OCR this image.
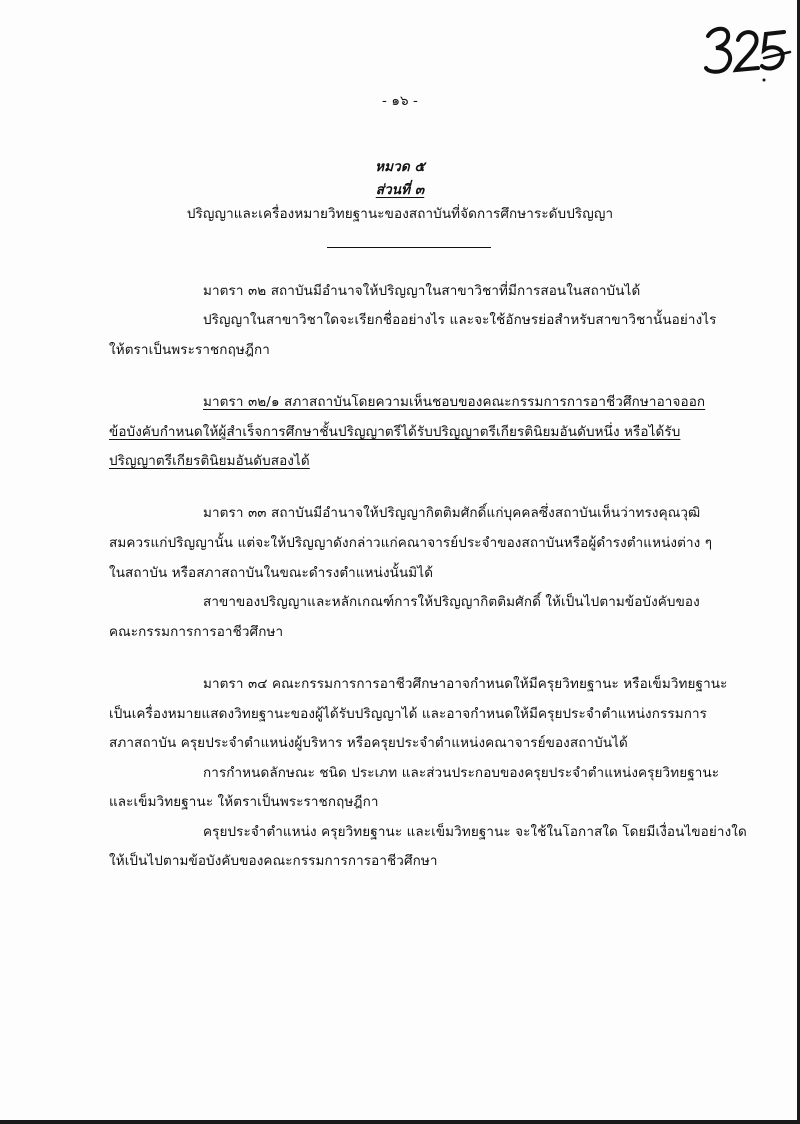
- ๑๖ -
หมวด ๕
ส่วนที่ ๓
ปริญญาและเครื่องหมายวิทยฐานะของสถาบันที่จัดการศึกษาระดับปริญญา
มาตรา ๓๒ สถาบันมีอำนาจให้ปริญญาในสาขาวิชาที่มีการสอนในสถาบันได้
ปริญญาในสาขาวิชาใดจะเรียกชื่ออย่างไร และจะใช้อักษรย่อสำหรับสาขาวิชานั้นอย่างไร
ให้ตราเป็นพระราชกฤษฎีกา
มาตรา ๓๒/๑ สภาสถาบันโดยความเห็นชอบของคณะกรรมการการอาชีวศึกษาอาจออก
ข้อบังคับกำหนดให้ผู้สำเร็จการศึกษาชั้นปริญญาตรีได้รับปริญญาตรีเกียรตินิยมอันดับหนึ่ง หรือได้รับ
ปริญญาตรีเกียรตินิยมอันดับสองได้
มาตรา ๓๓ สถาบันมีอำนาจให้ปริญญากิตติมศักดิ์แก่บุคคลซึ่งสถาบันเห็นว่าทรงคุณวุฒิ
สมควรแก่ปริญญานั้น แต่จะให้ปริญญาดังกล่าวแก่คณาจารย์ประจำของสถาบันหรือผู้ดำรงตำแหน่งต่าง ๆ
ในสถาบัน หรือสภาสถาบันในขณะดำรงตำแหน่งนั้นมิได้
สาขาของปริญญาและหลักเกณฑ์การให้ปริญญากิตติมศักดิ์ ให้เป็นไปตามข้อบังคับของ
คณะกรรมการการอาชีวศึกษา
มาตรา ๓๔ คณะกรรมการการอาชีวศึกษาอาจกำหนดให้มีครุยวิทยฐานะ หรือเข็มวิทยฐานะ
เป็นเครื่องหมายแสดงวิทยฐานะของผู้ได้รับปริญญาได้ และอาจกำหนดให้มีครุยประจำตำแหน่งกรรมการ
สภาสถาบัน ครุยประจำตำแหน่งผู้บริหาร หรือครุยประจำตำแหน่งคณาจารย์ของสถาบันได้
การกำหนดลักษณะ ชนิด ประเภท และส่วนประกอบของครุยประจำตำแหน่งครุยวิทยฐานะ
และเข็มวิทยฐานะ ให้ตราเป็นพระราชกฤษฎีกา
ครุยประจำตำแหน่ง ครุยวิทยฐานะ และเข็มวิทยฐานะ จะใช้ในโอกาสใด โดยมีเงื่อนไขอย่างใด
ให้เป็นไปตามข้อบังคับของคณะกรรมการการอาชีวศึกษา
